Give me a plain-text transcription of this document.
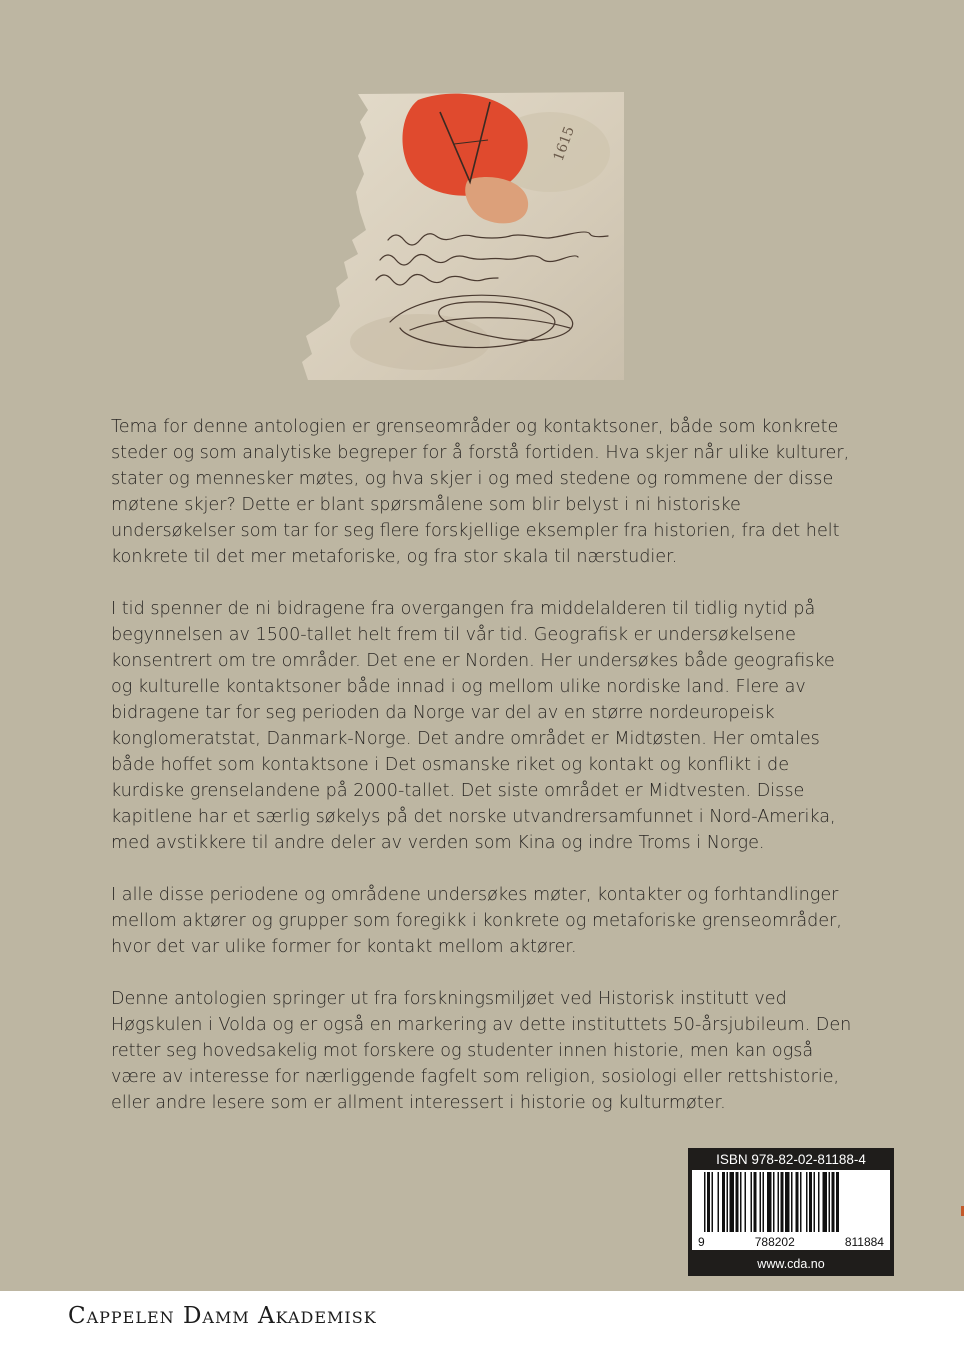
1615

Tema for denne antologien er grenseområder og kontaktsoner, både som konkrete steder og som analytiske begreper for å forstå fortiden. Hva skjer når ulike kulturer, stater og mennesker møtes, og hva skjer i og med stedene og rommene der disse møtene skjer? Dette er blant spørsmålene som blir belyst i ni historiske undersøkelser som tar for seg flere forskjellige eksempler fra historien, fra det helt konkrete til det mer metaforiske, og fra stor skala til nærstudier.

I tid spenner de ni bidragene fra overgangen fra middelalderen til tidlig nytid på begynnelsen av 1500-tallet helt frem til vår tid. Geografisk er undersøkelsene konsentrert om tre områder. Det ene er Norden. Her undersøkes både geografiske og kulturelle kontaktsoner både innad i og mellom ulike nordiske land. Flere av bidragene tar for seg perioden da Norge var del av en større nordeuropeisk konglomeratstat, Danmark-Norge. Det andre området er Midtøsten. Her omtales både hoffet som kontaktsone i Det osmanske riket og kontakt og konflikt i de kurdiske grenselandene på 2000-tallet. Det siste området er Midtvesten. Disse kapitlene har et særlig søkelys på det norske utvandrersamfunnet i Nord-Amerika, med avstikkere til andre deler av verden som Kina og indre Troms i Norge.

I alle disse periodene og områdene undersøkes møter, kontakter og forhtandlinger mellom aktører og grupper som foregikk i konkrete og metaforiske grenseområder, hvor det var ulike former for kontakt mellom aktører.

Denne antologien springer ut fra forskningsmiljøet ved Historisk institutt ved Høgskulen i Volda og er også en markering av dette instituttets 50-årsjubileum. Den retter seg hovedsakelig mot forskere og studenter innen historie, men kan også være av interesse for nærliggende fagfelt som religion, sosiologi eller rettshistorie, eller andre lesere som er allment interessert i historie og kulturmøter.

ISBN 978-82-02-81188-4
9	788202	811884
www.cda.no
Cappelen Damm Akademisk
